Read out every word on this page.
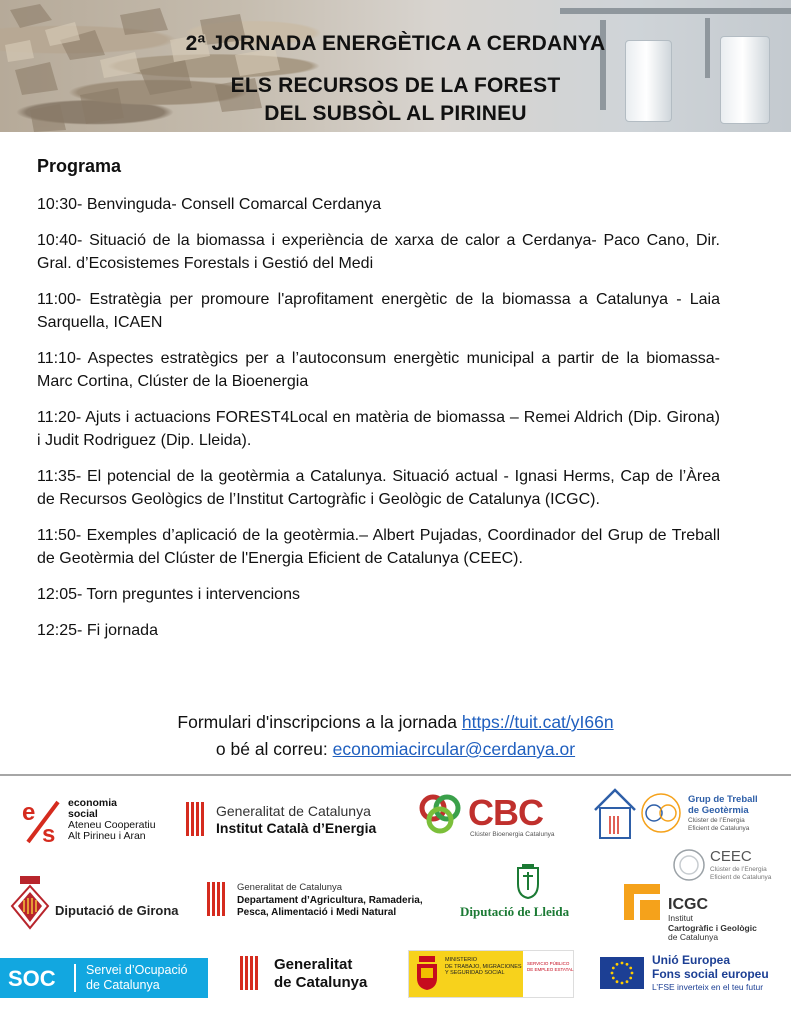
2ª JORNADA ENERGÈTICA A CERDANYA
ELS RECURSOS DE LA FOREST
DEL SUBSÒL AL PIRINEU
Programa

10:30- Benvinguda- Consell Comarcal Cerdanya

10:40- Situació de la biomassa i experiència de xarxa de calor a Cerdanya- Paco Cano, Dir. Gral. d’Ecosistemes Forestals i Gestió del Medi

11:00- Estratègia per promoure l'aprofitament energètic de la biomassa a Catalunya - Laia Sarquella, ICAEN

11:10- Aspectes estratègics per a l’autoconsum energètic municipal a partir de la biomassa- Marc Cortina, Clúster de la Bioenergia

11:20- Ajuts i actuacions FOREST4Local en matèria de biomassa – Remei Aldrich (Dip. Girona) i Judit Rodriguez (Dip. Lleida).

11:35- El potencial de la geotèrmia a Catalunya. Situació actual - Ignasi Herms, Cap de l’Àrea de Recursos Geològics de l’Institut Cartogràfic i Geològic de Catalunya (ICGC).

11:50- Exemples d’aplicació de la geotèrmia.– Albert Pujadas, Coordinador del Grup de Treball de Geotèrmia del Clúster de l'Energia Eficient de Catalunya (CEEC).

12:05- Torn preguntes i intervencions

12:25- Fi jornada

Formulari d'inscripcions a la jornada https://tuit.cat/yI66n
o bé al correu: economiacircular@cerdanya.or
e
s
economia
social
Ateneu Cooperatiu
Alt Pirineu i Aran
Generalitat de Catalunya
Institut Català d’Energia	CBC
Clúster Bioenergia Catalunya
Grup de Treball
de Geotèrmia
Clúster de l’Energia
Eficient de Catalunya
CEEC
Clúster de l’Energia
Eficient de Catalunya
Diputació de Girona
Generalitat de Catalunya
Departament d’Agricultura, Ramaderia,
Pesca, Alimentació i Medi Natural	Diputació de Lleida	ICGC
Institut
Cartogràfic i Geològic
de Catalunya
SOC Servei d’Ocupació
de Catalunya
Generalitat
de Catalunya
MINISTERIO
DE TRABAJO, MIGRACIONES
Y SEGURIDAD SOCIAL
SERVICIO PÚBLICO
DE EMPLEO ESTATAL
Unió Europea
Fons social europeu
L’FSE inverteix en el teu futur
